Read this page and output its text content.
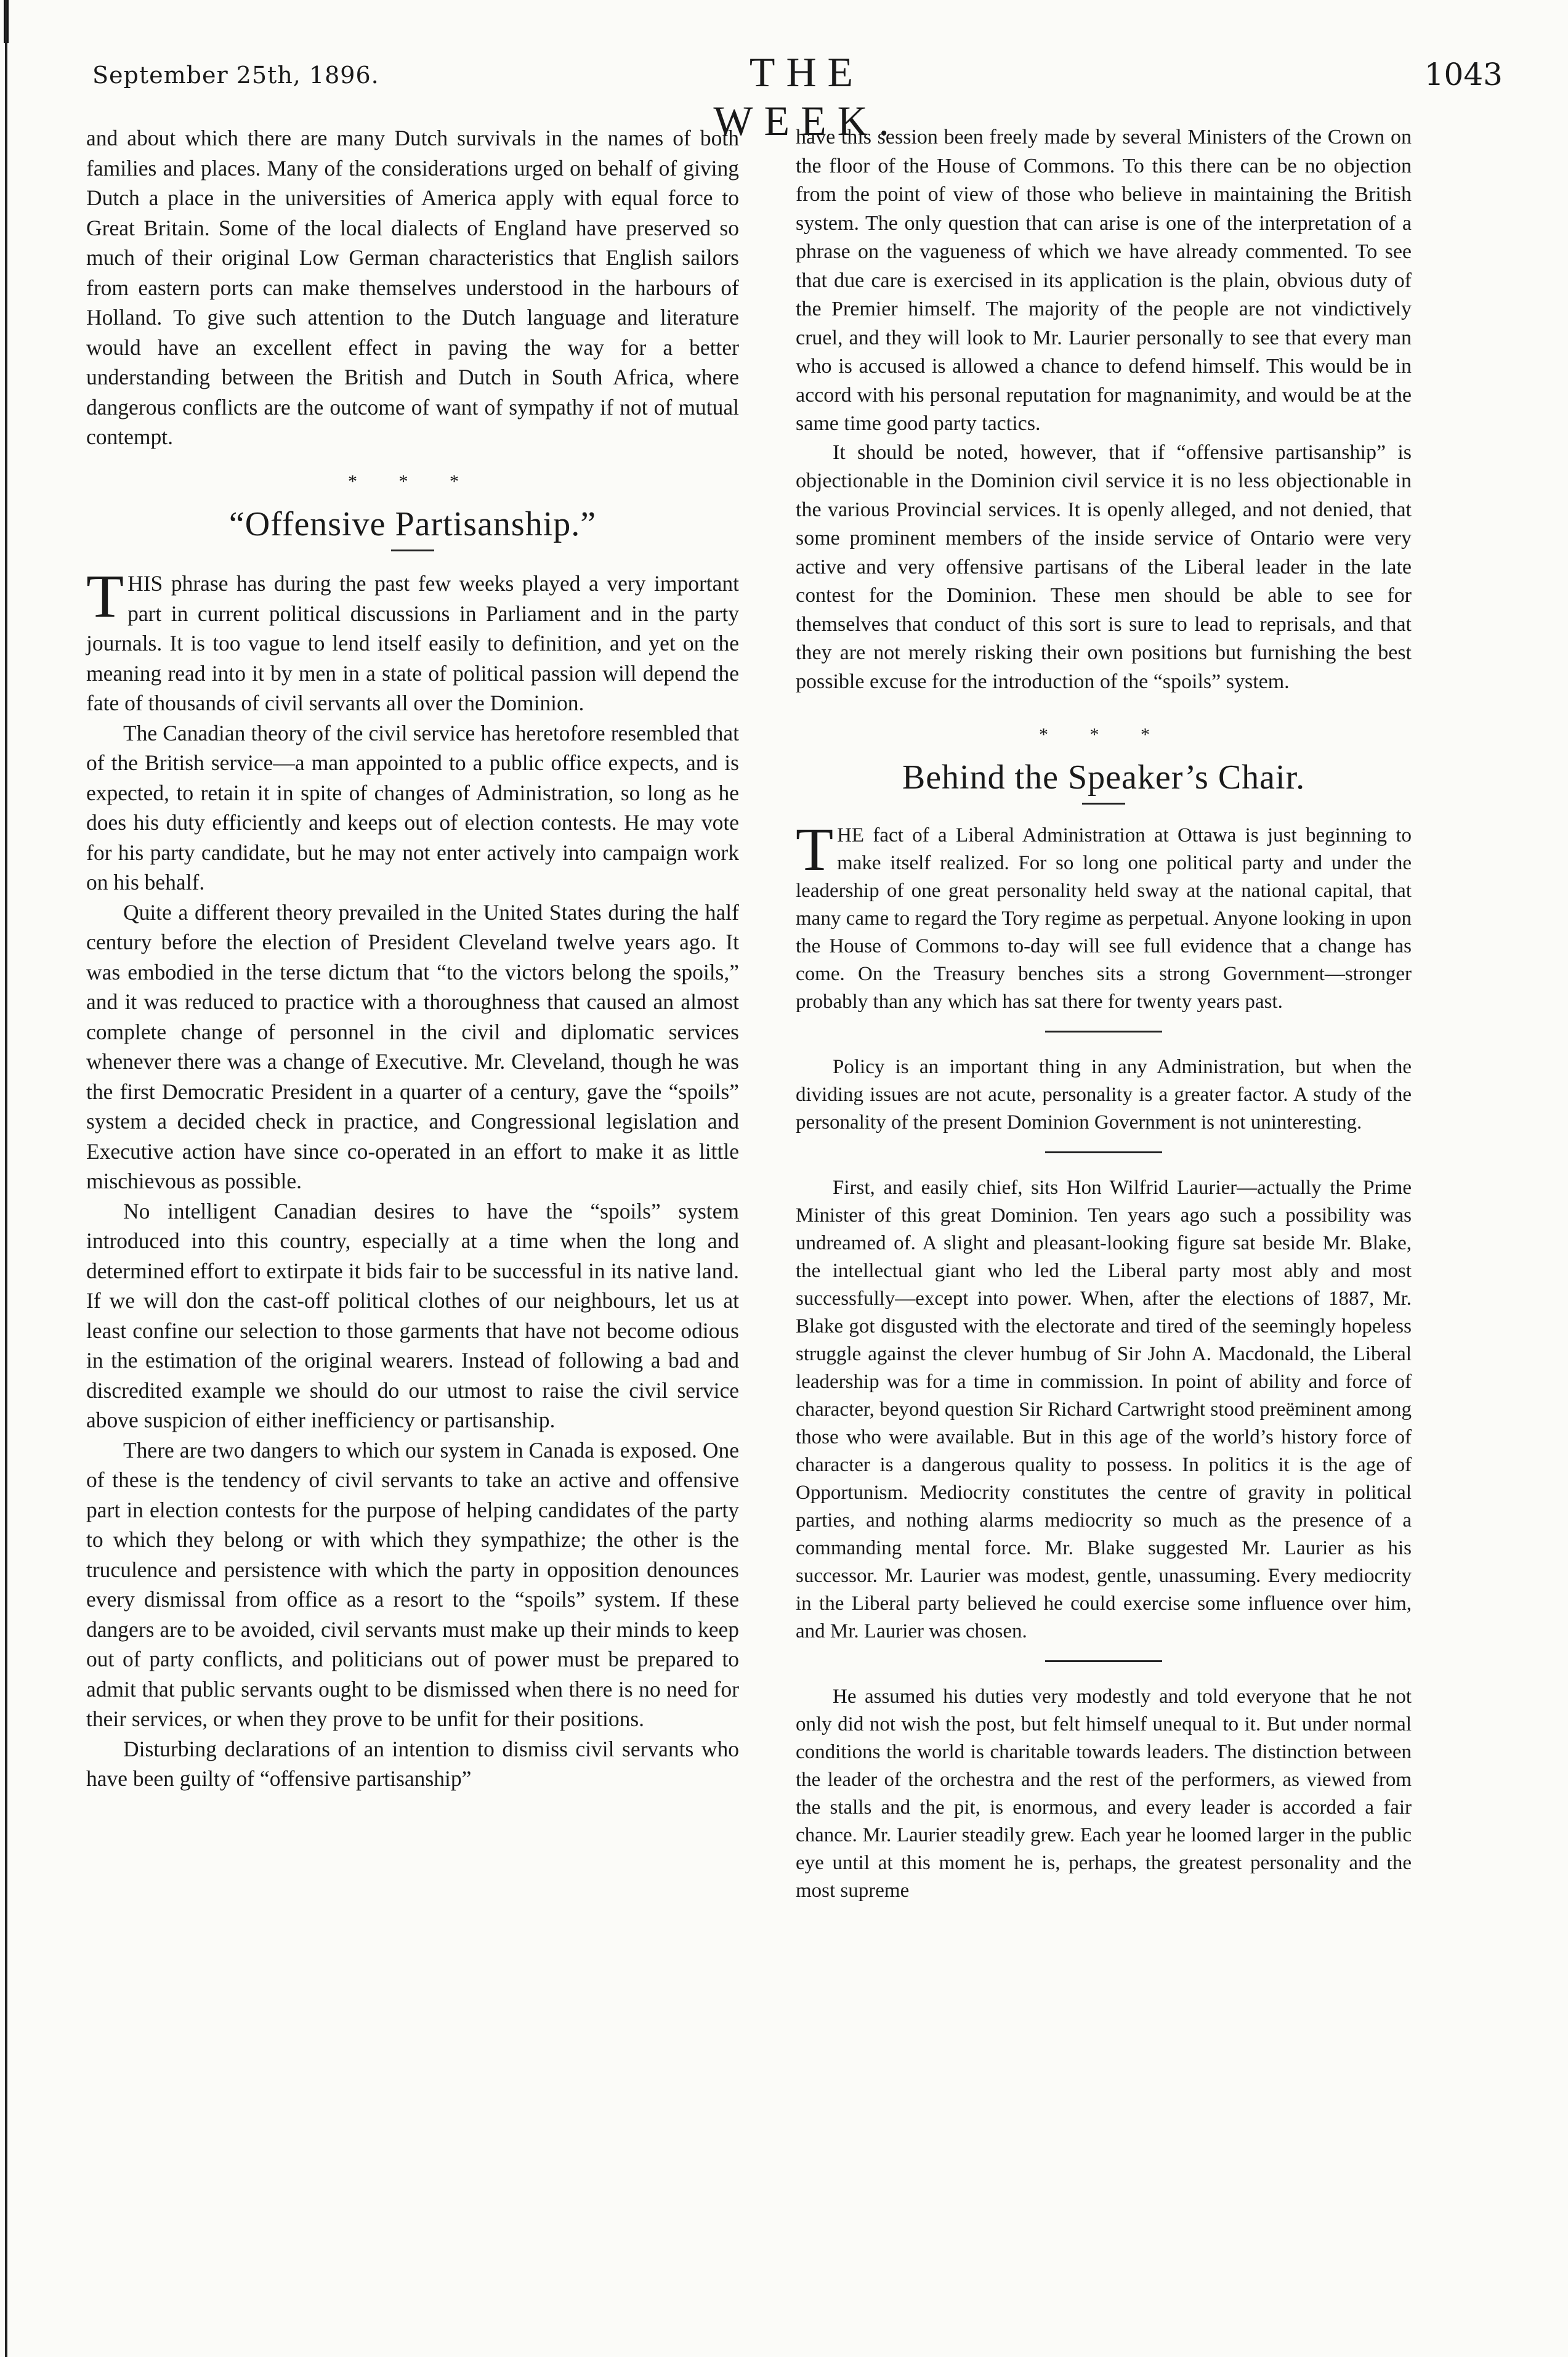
September 25th, 1896.	THE WEEK.
1043

and about which there are many Dutch survivals in the names of both families and places. Many of the considerations urged on behalf of giving Dutch a place in the universities of America apply with equal force to Great Britain. Some of the local dialects of England have preserved so much of their original Low German characteristics that English sailors from eastern ports can make themselves understood in the harbours of Holland. To give such attention to the Dutch language and literature would have an excellent effect in paving the way for a better understanding between the British and Dutch in South Africa, where dangerous conflicts are the outcome of want of sympathy if not of mutual contempt.

* * *
“Offensive Partisanship.”

THIS phrase has during the past few weeks played a very important part in current political discussions in Parliament and in the party journals. It is too vague to lend itself easily to definition, and yet on the meaning read into it by men in a state of political passion will depend the fate of thousands of civil servants all over the Dominion.

The Canadian theory of the civil service has heretofore resembled that of the British service—a man appointed to a public office expects, and is expected, to retain it in spite of changes of Administration, so long as he does his duty efficiently and keeps out of election contests. He may vote for his party candidate, but he may not enter actively into campaign work on his behalf.

Quite a different theory prevailed in the United States during the half century before the election of President Cleveland twelve years ago. It was embodied in the terse dictum that “to the victors belong the spoils,” and it was reduced to practice with a thoroughness that caused an almost complete change of personnel in the civil and diplomatic services whenever there was a change of Executive. Mr. Cleveland, though he was the first Democratic President in a quarter of a century, gave the “spoils” system a decided check in practice, and Congressional legislation and Executive action have since co-operated in an effort to make it as little mischievous as possible.

No intelligent Canadian desires to have the “spoils” system introduced into this country, especially at a time when the long and determined effort to extirpate it bids fair to be successful in its native land. If we will don the cast-off political clothes of our neighbours, let us at least confine our selection to those garments that have not become odious in the estimation of the original wearers. Instead of following a bad and discredited example we should do our utmost to raise the civil service above suspicion of either inefficiency or partisanship.

There are two dangers to which our system in Canada is exposed. One of these is the tendency of civil servants to take an active and offensive part in election contests for the purpose of helping candidates of the party to which they belong or with which they sympathize; the other is the truculence and persistence with which the party in opposition denounces every dismissal from office as a resort to the “spoils” system. If these dangers are to be avoided, civil servants must make up their minds to keep out of party conflicts, and politicians out of power must be prepared to admit that public servants ought to be dismissed when there is no need for their services, or when they prove to be unfit for their positions.

Disturbing declarations of an intention to dismiss civil servants who have been guilty of “offensive partisanship”

have this session been freely made by several Ministers of the Crown on the floor of the House of Commons. To this there can be no objection from the point of view of those who believe in maintaining the British system. The only question that can arise is one of the interpretation of a phrase on the vagueness of which we have already commented. To see that due care is exercised in its application is the plain, obvious duty of the Premier himself. The majority of the people are not vindictively cruel, and they will look to Mr. Laurier personally to see that every man who is accused is allowed a chance to defend himself. This would be in accord with his personal reputation for magnanimity, and would be at the same time good party tactics.

It should be noted, however, that if “offensive partisanship” is objectionable in the Dominion civil service it is no less objectionable in the various Provincial services. It is openly alleged, and not denied, that some prominent members of the inside service of Ontario were very active and very offensive partisans of the Liberal leader in the late contest for the Dominion. These men should be able to see for themselves that conduct of this sort is sure to lead to reprisals, and that they are not merely risking their own positions but furnishing the best possible excuse for the introduction of the “spoils” system.

* * *
Behind the Speaker’s Chair.

THE fact of a Liberal Administration at Ottawa is just beginning to make itself realized. For so long one political party and under the leadership of one great personality held sway at the national capital, that many came to regard the Tory regime as perpetual. Anyone looking in upon the House of Commons to-day will see full evidence that a change has come. On the Treasury benches sits a strong Government—stronger probably than any which has sat there for twenty years past.

Policy is an important thing in any Administration, but when the dividing issues are not acute, personality is a greater factor. A study of the personality of the present Dominion Government is not uninteresting.

First, and easily chief, sits Hon Wilfrid Laurier—actually the Prime Minister of this great Dominion. Ten years ago such a possibility was undreamed of. A slight and pleasant-looking figure sat beside Mr. Blake, the intellectual giant who led the Liberal party most ably and most successfully—except into power. When, after the elections of 1887, Mr. Blake got disgusted with the electorate and tired of the seemingly hopeless struggle against the clever humbug of Sir John A. Macdonald, the Liberal leadership was for a time in commission. In point of ability and force of character, beyond question Sir Richard Cartwright stood preëminent among those who were available. But in this age of the world’s history force of character is a dangerous quality to possess. In politics it is the age of Opportunism. Mediocrity constitutes the centre of gravity in political parties, and nothing alarms mediocrity so much as the presence of a commanding mental force. Mr. Blake suggested Mr. Laurier as his successor. Mr. Laurier was modest, gentle, unassuming. Every mediocrity in the Liberal party believed he could exercise some influence over him, and Mr. Laurier was chosen.

He assumed his duties very modestly and told everyone that he not only did not wish the post, but felt himself unequal to it. But under normal conditions the world is charitable towards leaders. The distinction between the leader of the orchestra and the rest of the performers, as viewed from the stalls and the pit, is enormous, and every leader is accorded a fair chance. Mr. Laurier steadily grew. Each year he loomed larger in the public eye until at this moment he is, perhaps, the greatest personality and the most supreme
